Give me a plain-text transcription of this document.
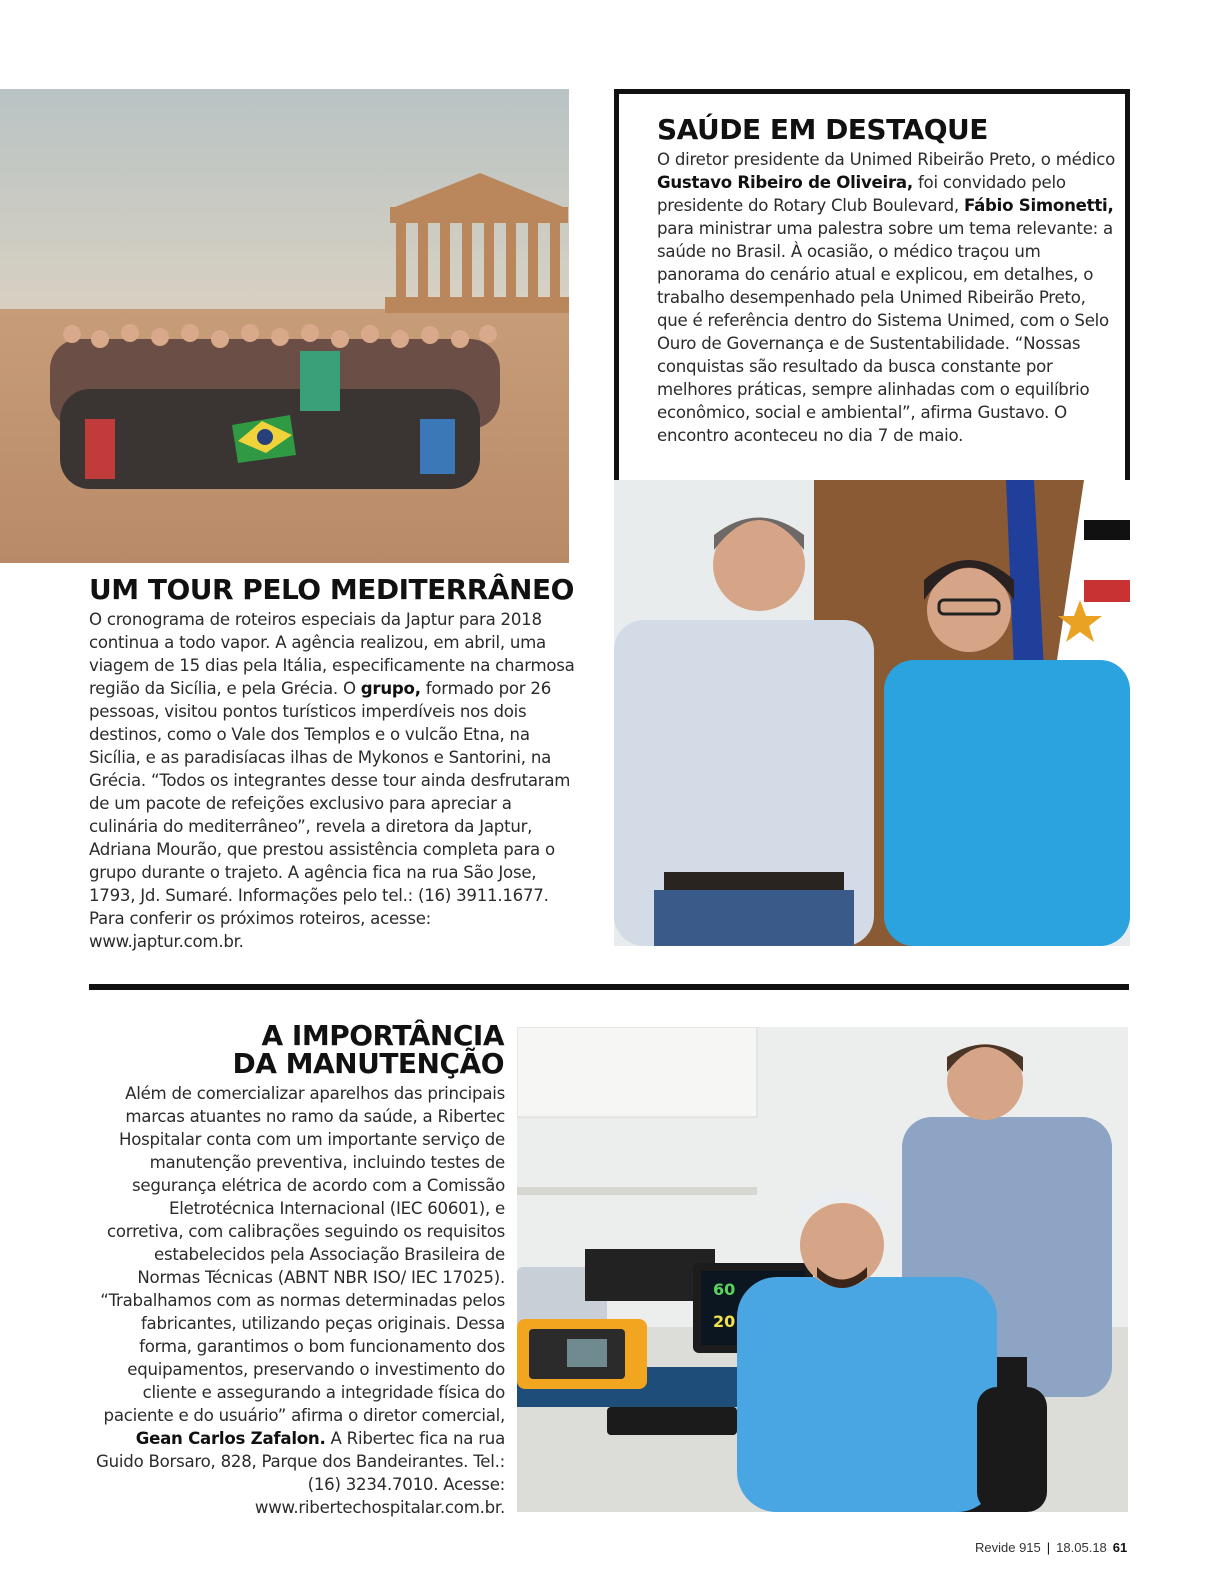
SAÚDE EM DESTAQUE

O diretor presidente da Unimed Ribeirão Preto, o médico Gustavo Ribeiro de Oliveira, foi convidado pelo presidente do Rotary Club Boulevard, Fábio Simonetti, para ministrar uma palestra sobre um tema relevante: a saúde no Brasil. À ocasião, o médico traçou um panorama do cenário atual e explicou, em detalhes, o trabalho desempenhado pela Unimed Ribeirão Preto, que é referência dentro do Sistema Unimed, com o Selo Ouro de Governança e de Sustentabilidade. “Nossas conquistas são resultado da busca constante por melhores práticas, sempre alinhadas com o equilíbrio econômico, social e ambiental”, afirma Gustavo. O encontro aconteceu no dia 7 de maio.

UM TOUR PELO MEDITERRÂNEO

O cronograma de roteiros especiais da Japtur para 2018 continua a todo vapor. A agência realizou, em abril, uma viagem de 15 dias pela Itália, especificamente na charmosa região da Sicília, e pela Grécia. O grupo, formado por 26 pessoas, visitou pontos turísticos imperdíveis nos dois destinos, como o Vale dos Templos e o vulcão Etna, na Sicília, e as paradisíacas ilhas de Mykonos e Santorini, na Grécia. “Todos os integrantes desse tour ainda desfrutaram de um pacote de refeições exclusivo para apreciar a culinária do mediterrâneo”, revela a diretora da Japtur, Adriana Mourão, que prestou assistência completa para o grupo durante o trajeto. A agência fica na rua São Jose, 1793, Jd. Sumaré. Informações pelo tel.: (16) 3911.1677. Para conferir os próximos roteiros, acesse: www.japtur.com.br.

A IMPORTÂNCIA
DA MANUTENÇÃO

Além de comercializar aparelhos das principais marcas atuantes no ramo da saúde, a Ribertec Hospitalar conta com um importante serviço de manutenção preventiva, incluindo testes de segurança elétrica de acordo com a Comissão Eletrotécnica Internacional (IEC 60601), e corretiva, com calibrações seguindo os requisitos estabelecidos pela Associação Brasileira de Normas Técnicas (ABNT NBR ISO/ IEC 17025). “Trabalhamos com as normas determinadas pelos fabricantes, utilizando peças originais. Dessa forma, garantimos o bom funcionamento dos equipamentos, preservando o investimento do cliente e assegurando a integridade física do paciente e do usuário” afirma o diretor comercial, Gean Carlos Zafalon. A Ribertec fica na rua Guido Borsaro, 828, Parque dos Bandeirantes. Tel.: (16) 3234.7010. Acesse: www.ribertechospitalar.com.br.

60
20
Revide 915 | 18.05.18 61
